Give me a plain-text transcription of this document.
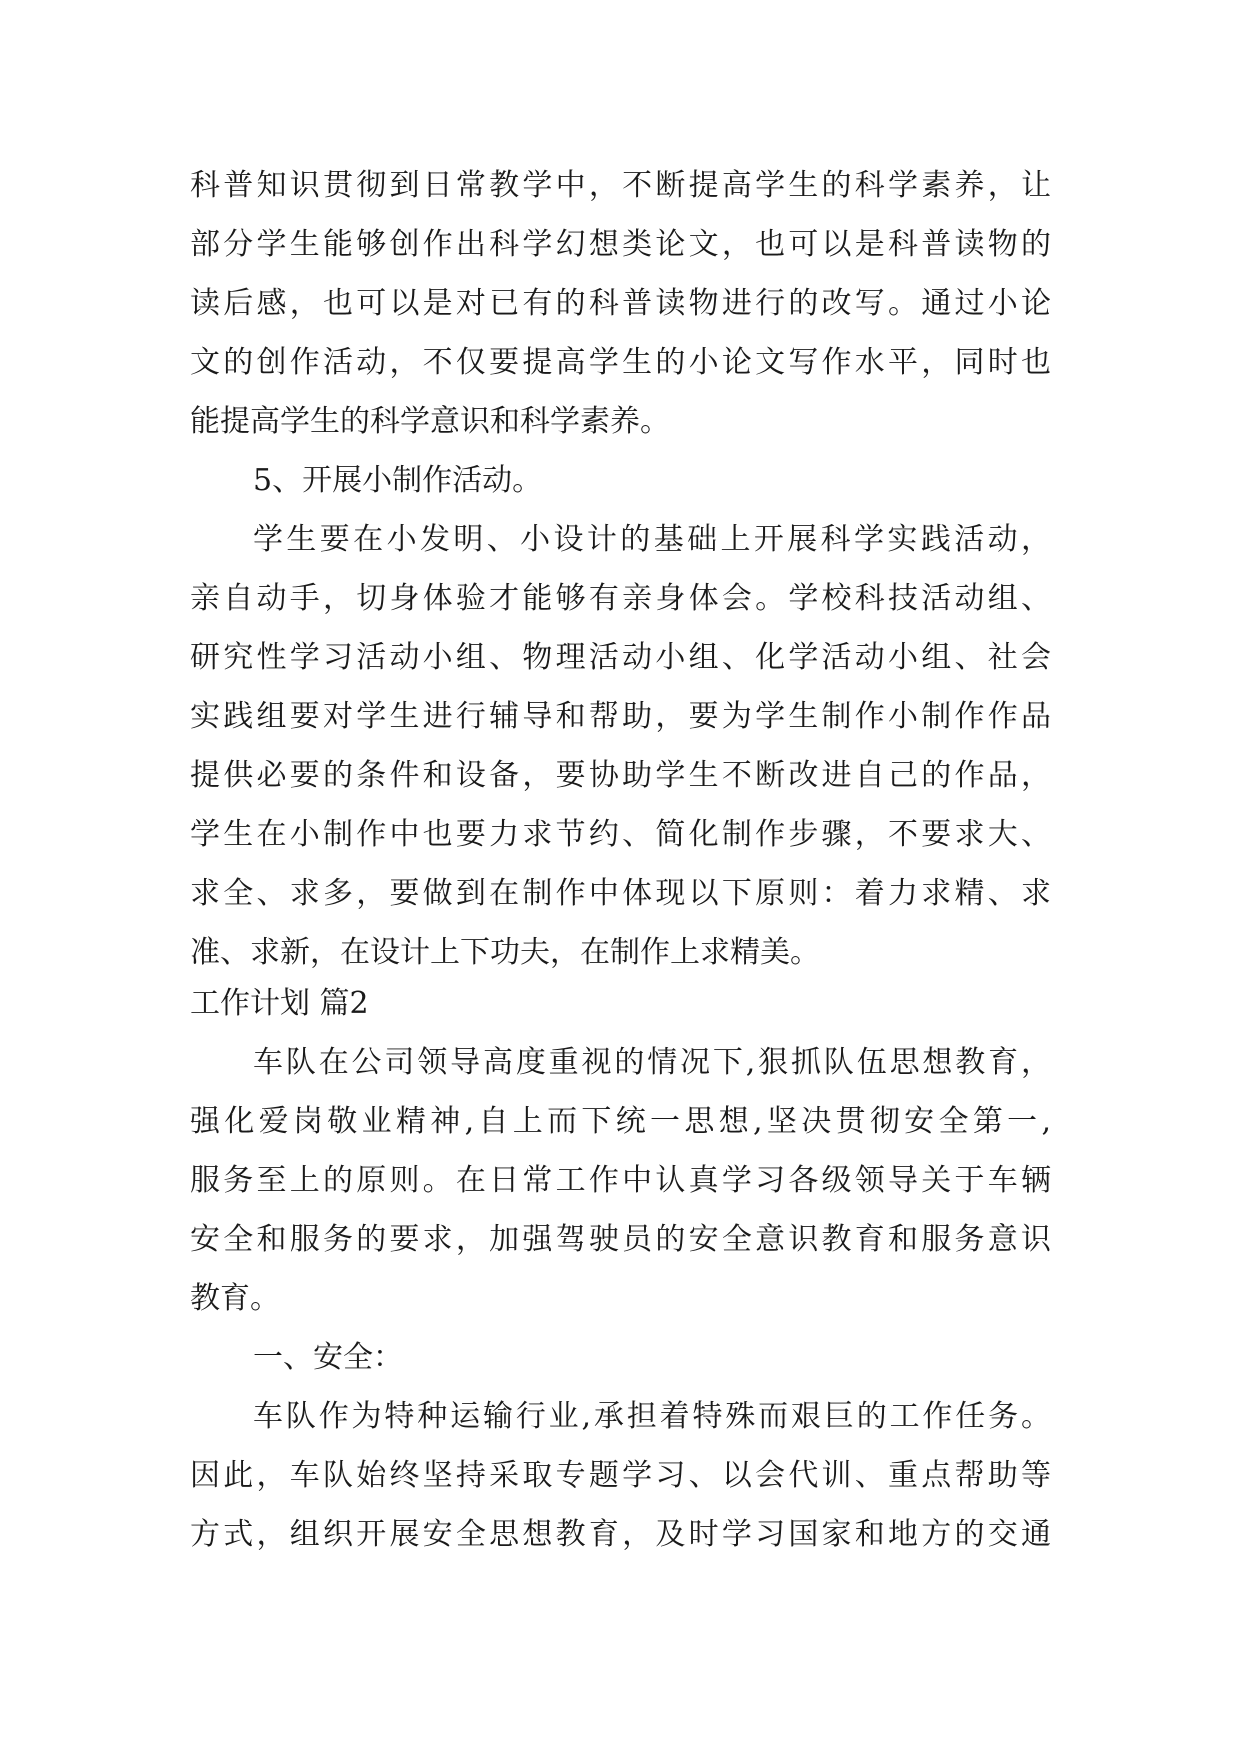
科普知识贯彻到日常教学中，不断提高学生的科学素养，让
部分学生能够创作出科学幻想类论文，也可以是科普读物的
读后感，也可以是对已有的科普读物进行的改写。通过小论
文的创作活动，不仅要提高学生的小论文写作水平，同时也
能提高学生的科学意识和科学素养。
5、开展小制作活动。
学生要在小发明、小设计的基础上开展科学实践活动，
亲自动手，切身体验才能够有亲身体会。学校科技活动组、
研究性学习活动小组、物理活动小组、化学活动小组、社会
实践组要对学生进行辅导和帮助，要为学生制作小制作作品
提供必要的条件和设备，要协助学生不断改进自己的作品，
学生在小制作中也要力求节约、简化制作步骤，不要求大、
求全、求多，要做到在制作中体现以下原则：着力求精、求
准、求新，在设计上下功夫，在制作上求精美。
工作计划 篇2
车队在公司领导高度重视的情况下,狠抓队伍思想教育，
强化爱岗敬业精神,自上而下统一思想,坚决贯彻安全第一,
服务至上的原则。在日常工作中认真学习各级领导关于车辆
安全和服务的要求，加强驾驶员的安全意识教育和服务意识
教育。
一、安全：
车队作为特种运输行业,承担着特殊而艰巨的工作任务。
因此，车队始终坚持采取专题学习、以会代训、重点帮助等
方式，组织开展安全思想教育，及时学习国家和地方的交通
